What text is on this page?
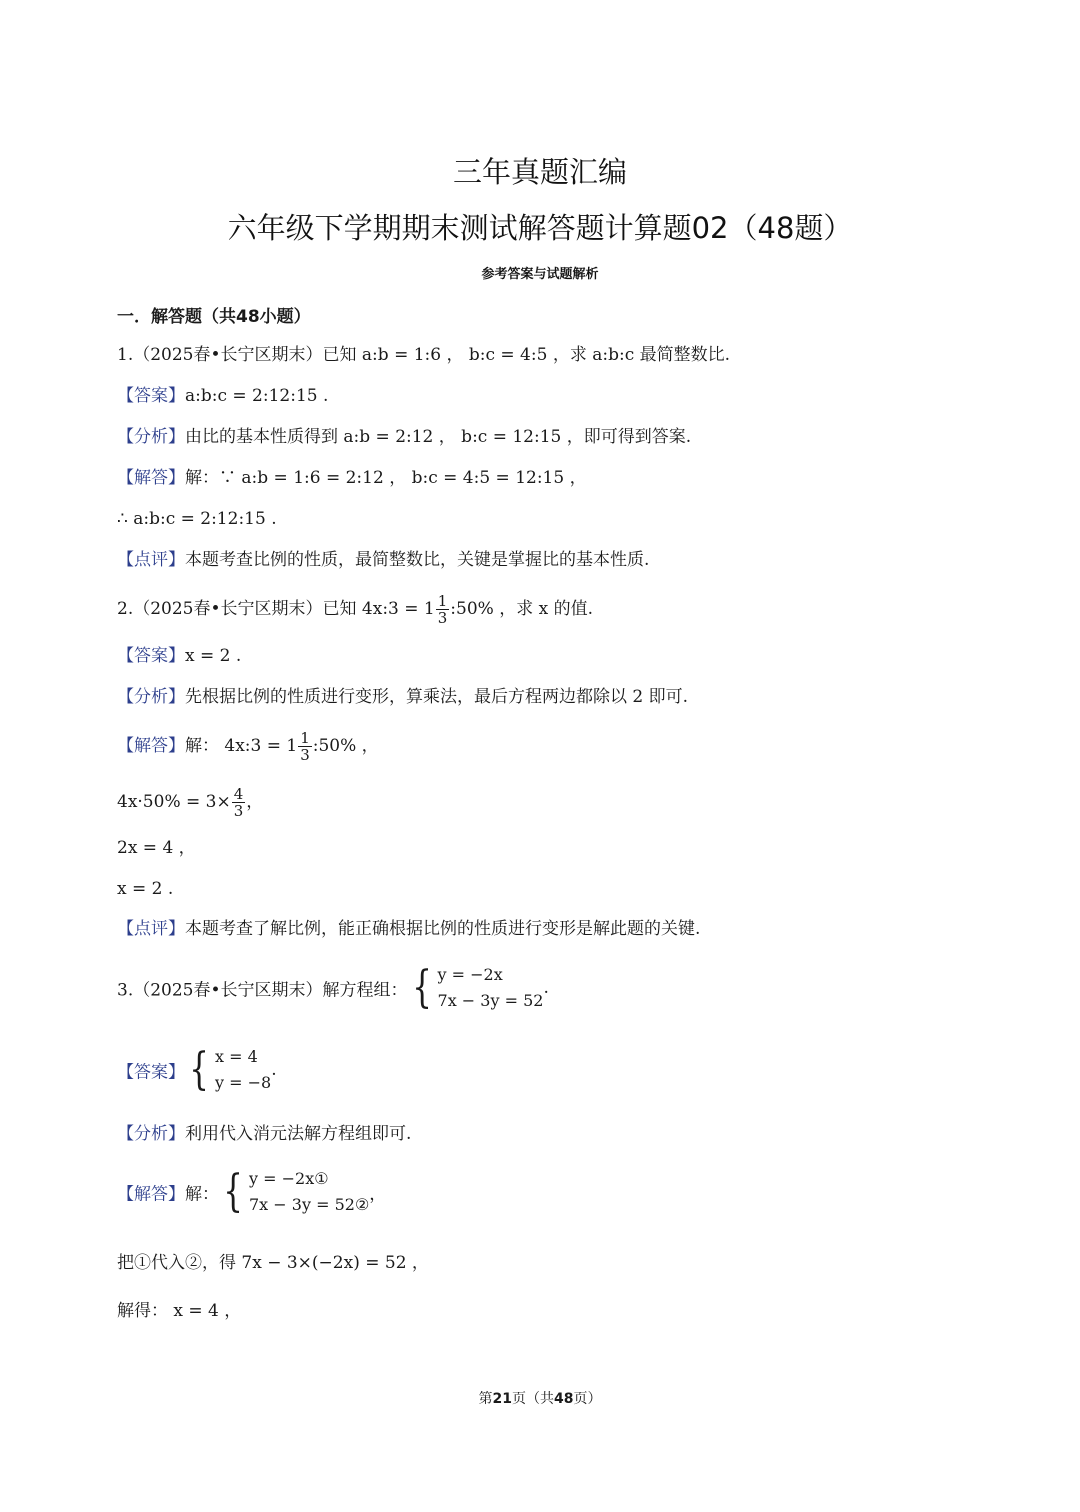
三年真题汇编
六年级下学期期末测试解答题计算题02（48题）
参考答案与试题解析
一．解答题（共48小题）
1.（2025春•长宁区期末）已知 a:b = 1:6 ， b:c = 4:5 ，求 a:b:c 最简整数比.
【答案】a:b:c = 2:12:15 .
【分析】由比的基本性质得到 a:b = 2:12 ， b:c = 12:15 ，即可得到答案.
【解答】解：∵ a:b = 1:6 = 2:12 ， b:c = 4:5 = 12:15 ，
∴ a:b:c = 2:12:15 .
【点评】本题考查比例的性质，最简整数比，关键是掌握比的基本性质.
2.（2025春•长宁区期末）已知 4x:3 = $1 \frac{1}{3}$ :50% ，求 x 的值.
【答案】x = 2 .
【分析】先根据比例的性质进行变形，算乘法，最后方程两边都除以 2 即可.
【解答】解： 4x:3 = $1 \frac{1}{3}$ :50% ，
$4x\cdot 50\% = 3\times \frac{4}{3}$ ，
2x = 4 ，
x = 2 .
【点评】本题考查了解比例，能正确根据比例的性质进行变形是解此题的关键.
3.（2025春•长宁区期末）解方程组： { y = −2x
7x − 3y = 52
.
【答案】 { x = 4
y = −8
.
【分析】利用代入消元法解方程组即可.
【解答】解： { y = −2x①
7x − 3y = 52② ，
把①代入②，得 7x − 3×(−2x) = 52 ，
解得： x = 4 ，
第21页（共48页）
